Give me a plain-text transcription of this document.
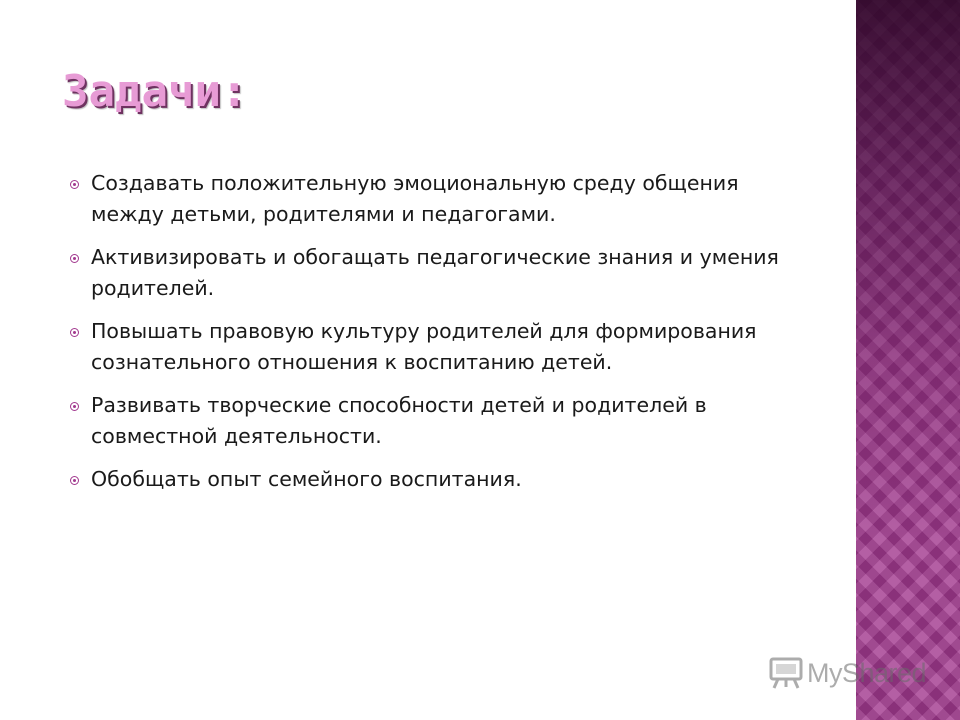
Задачи:
Создавать положительную эмоциональную среду общения
между детьми, родителями и педагогами.
Активизировать и обогащать педагогические знания и умения
родителей.
Повышать правовую культуру родителей для формирования
сознательного отношения к воспитанию детей.
Развивать творческие способности детей и родителей в
совместной деятельности.
Обобщать опыт семейного воспитания.
MyShared
